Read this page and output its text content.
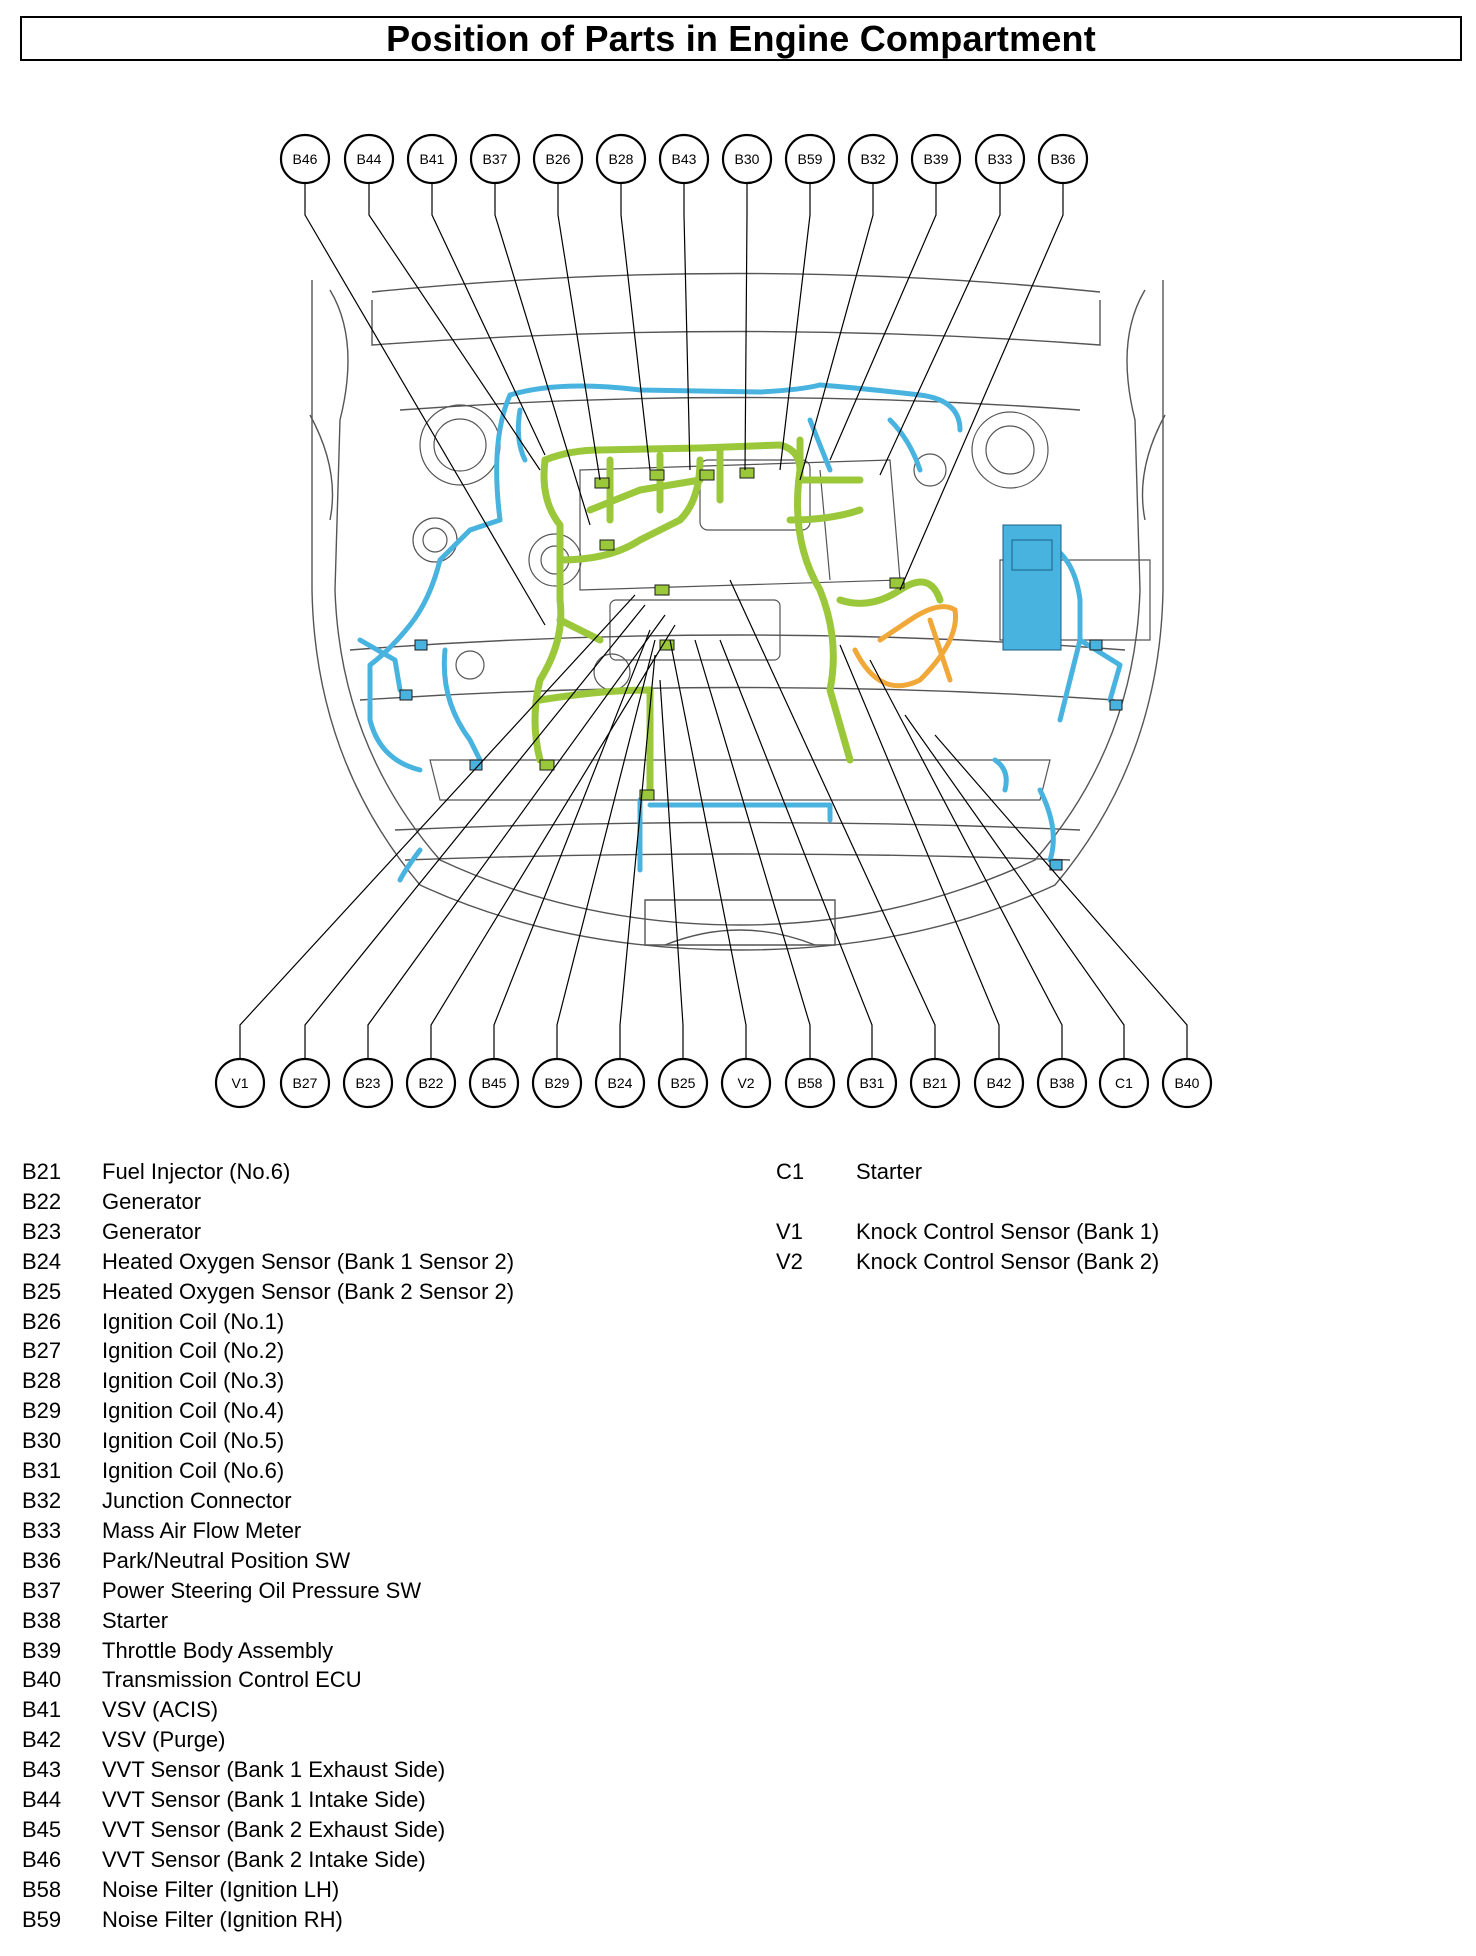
Position of Parts in Engine Compartment
B46	B44	B41	B37	B26	B28	B43	B30	B59	B32	B39	B33	B36
V1	B27	B23	B22	B45	B29	B24	B25	V2	B58	B31	B21	B42	B38	C1	B40
B21	Fuel Injector (No.6)
B22	Generator
B23	Generator
B24	Heated Oxygen Sensor (Bank 1 Sensor 2)
B25	Heated Oxygen Sensor (Bank 2 Sensor 2)
B26	Ignition Coil (No.1)
B27	Ignition Coil (No.2)
B28	Ignition Coil (No.3)
B29	Ignition Coil (No.4)
B30	Ignition Coil (No.5)
B31	Ignition Coil (No.6)
B32	Junction Connector
B33	Mass Air Flow Meter
B36	Park/Neutral Position SW
B37	Power Steering Oil Pressure SW
B38	Starter
B39	Throttle Body Assembly
B40	Transmission Control ECU
B41	VSV (ACIS)
B42	VSV (Purge)
B43	VVT Sensor (Bank 1 Exhaust Side)
B44	VVT Sensor (Bank 1 Intake Side)
B45	VVT Sensor (Bank 2 Exhaust Side)
B46	VVT Sensor (Bank 2 Intake Side)
B58	Noise Filter (Ignition LH)
B59	Noise Filter (Ignition RH)
C1	Starter
V1	Knock Control Sensor (Bank 1)
V2	Knock Control Sensor (Bank 2)
